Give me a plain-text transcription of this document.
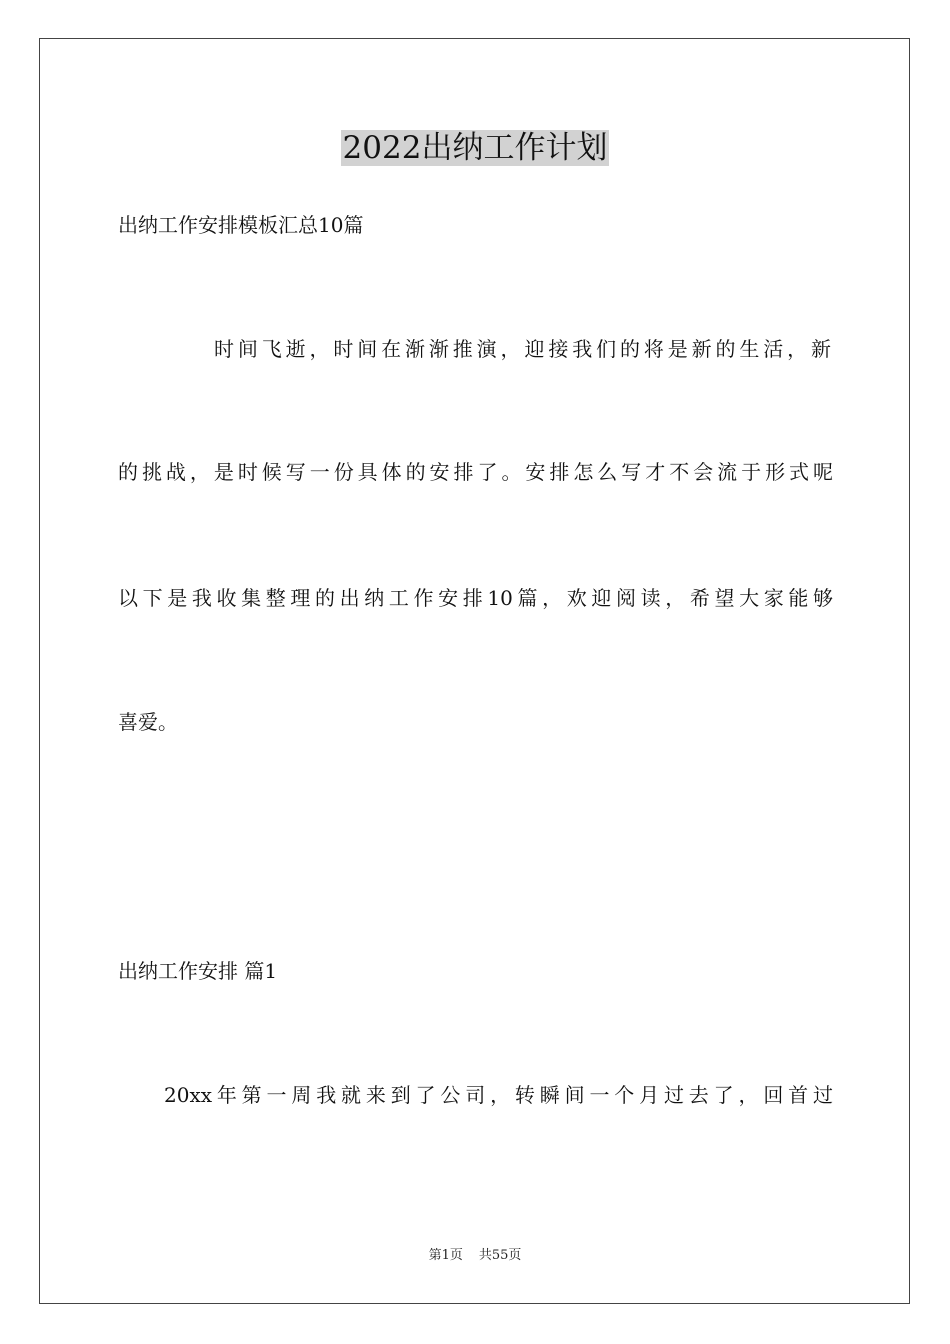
2022出纳工作计划
出纳工作安排模板汇总10篇
时间飞逝，时间在渐渐推演，迎接我们的将是新的生活，新
的挑战，是时候写一份具体的安排了。安排怎么写才不会流于形式呢
以下是我收集整理的出纳工作安排10篇，欢迎阅读，希望大家能够
喜爱。
出纳工作安排 篇1
20xx年第一周我就来到了公司，转瞬间一个月过去了，回首过
第1页 共55页
